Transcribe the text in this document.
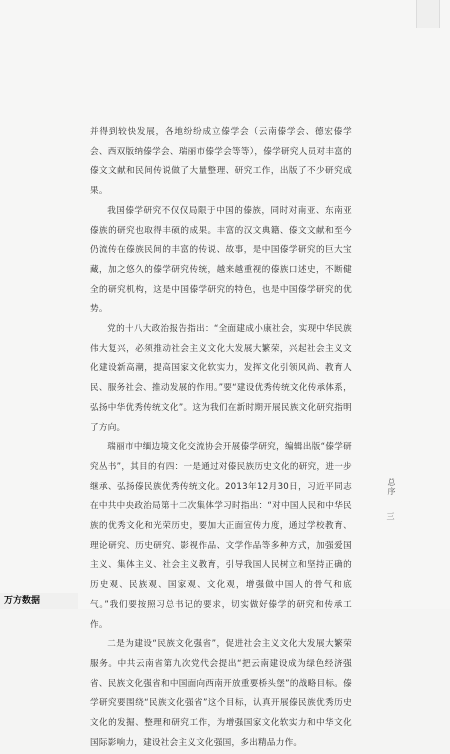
并得到较快发展，各地纷纷成立傣学会（云南傣学会、德宏傣学会、西双版纳傣学会、瑞丽市傣学会等等），傣学研究人员对丰富的傣文文献和民间传说做了大量整理、研究工作，出版了不少研究成果。

我国傣学研究不仅仅局限于中国的傣族，同时对南亚、东南亚傣族的研究也取得丰硕的成果。丰富的汉文典籍、傣文文献和至今仍流传在傣族民间的丰富的传说、故事，是中国傣学研究的巨大宝藏，加之悠久的傣学研究传统，越来越重视的傣族口述史，不断健全的研究机构，这是中国傣学研究的特色，也是中国傣学研究的优势。

党的十八大政治报告指出：“全面建成小康社会，实现中华民族伟大复兴，必须推动社会主义文化大发展大繁荣，兴起社会主义文化建设新高潮，提高国家文化软实力，发挥文化引领风尚、教育人民、服务社会、推动发展的作用。”要“建设优秀传统文化传承体系，弘扬中华优秀传统文化”。这为我们在新时期开展民族文化研究指明了方向。

瑞丽市中缅边境文化交流协会开展傣学研究，编辑出版“傣学研究丛书”，其目的有四：一是通过对傣民族历史文化的研究，进一步继承、弘扬傣民族优秀传统文化。2013年12月30日，习近平同志在中共中央政治局第十二次集体学习时指出：“对中国人民和中华民族的优秀文化和光荣历史，要加大正面宣传力度，通过学校教育、理论研究、历史研究、影视作品、文学作品等多种方式，加强爱国主义、集体主义、社会主义教育，引导我国人民树立和坚持正确的历史观、民族观、国家观、文化观，增强做中国人的骨气和底气。”我们要按照习总书记的要求，切实做好傣学的研究和传承工作。

二是为建设“民族文化强省”，促进社会主义文化大发展大繁荣服务。中共云南省第九次党代会提出“把云南建设成为绿色经济强省、民族文化强省和中国面向西南开放重要桥头堡”的战略目标。傣学研究要围绕“民族文化强省”这个目标，认真开展傣民族优秀历史文化的发掘、整理和研究工作，为增强国家文化软实力和中华文化国际影响力，建设社会主义文化强国，多出精品力作。

总序
三
万方数据
